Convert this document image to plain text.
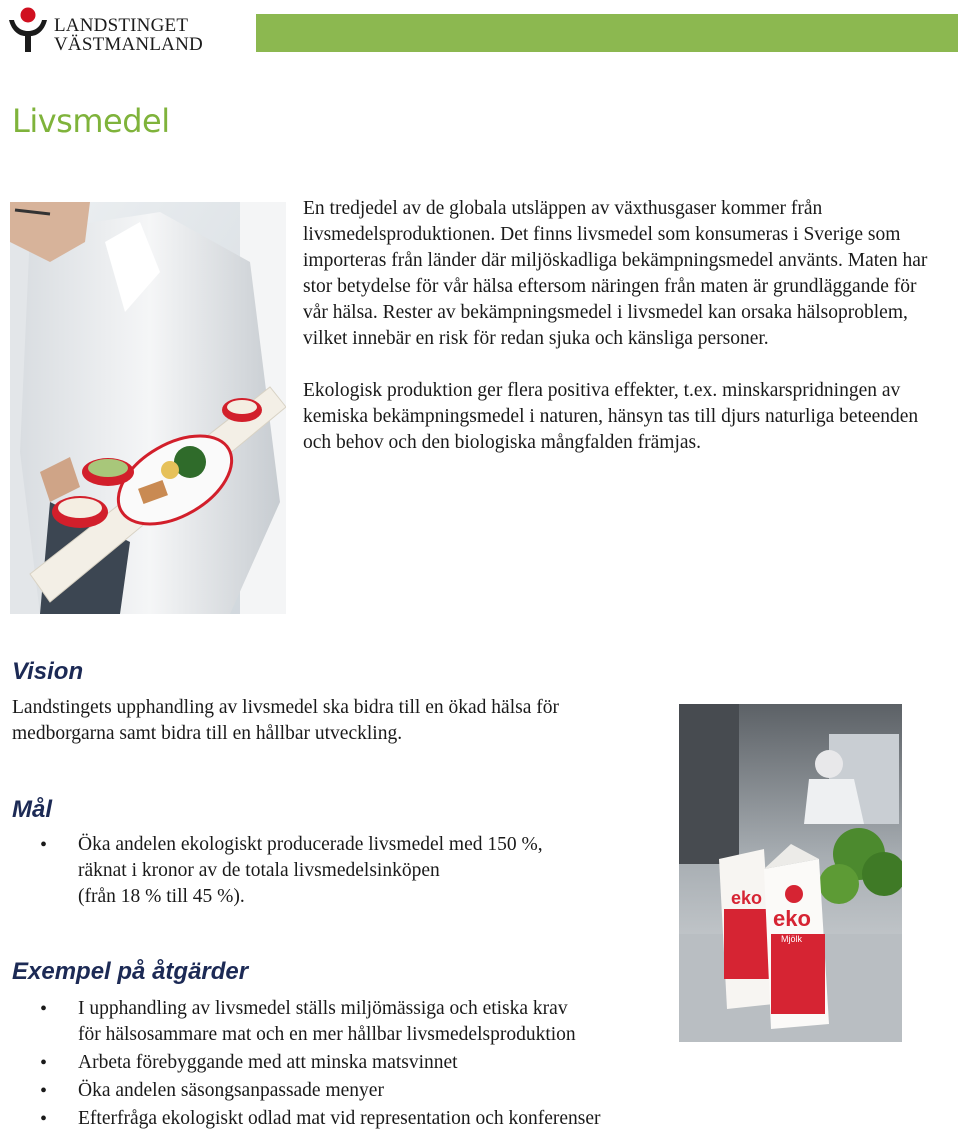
LANDSTINGET
VÄSTMANLAND
Livsmedel

En tredjedel av de globala utsläppen av växthusgaser kommer från livsmedelsproduktionen. Det finns livsmedel som konsumeras i Sverige som importeras från länder där miljöskadliga bekämpningsmedel använts. Maten har stor betydelse för vår hälsa eftersom näringen från maten är grundläggande för vår hälsa. Rester av bekämpningsmedel i livsmedel kan orsaka hälsoproblem, vilket innebär en risk för redan sjuka och känsliga personer.

Ekologisk produktion ger flera positiva effekter, t.ex. minskarspridningen av kemiska bekämpningsmedel i naturen, hänsyn tas till djurs naturliga beteenden och behov och den biologiska mångfalden främjas.

Vision
Landstingets upphandling av livsmedel ska bidra till en ökad hälsa för
medborgarna samt bidra till en hållbar utveckling.
Mål
• Öka andelen ekologiskt producerade livsmedel med 150 %,
räknat i kronor av de totala livsmedelsinköpen
(från 18 % till 45 %).
Exempel på åtgärder
• I upphandling av livsmedel ställs miljömässiga och etiska krav
för hälsosammare mat och en mer hållbar livsmedelsproduktion
• Arbeta förebyggande med att minska matsvinnet
• Öka andelen säsongsanpassade menyer
• Efterfråga ekologiskt odlad mat vid representation och konferenser
eko
eko
Mjölk
